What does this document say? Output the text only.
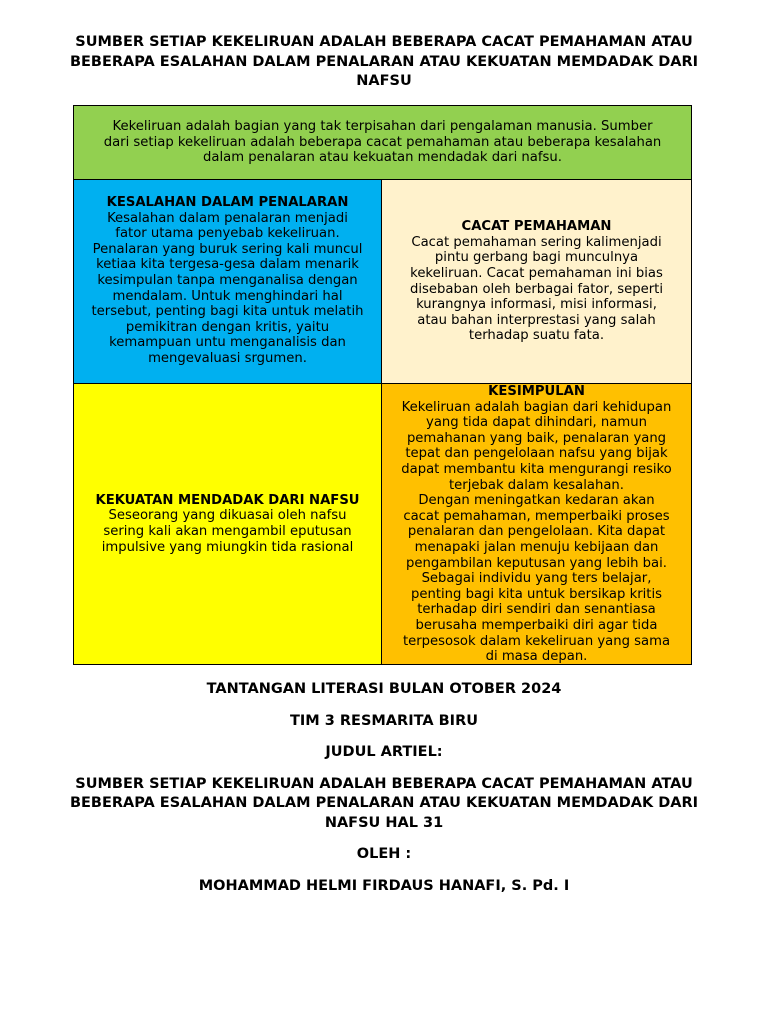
SUMBER SETIAP KEKELIRUAN ADALAH BEBERAPA CACAT PEMAHAMAN ATAU
BEBERAPA ESALAHAN DALAM PENALARAN ATAU KEKUATAN MEMDADAK DARI
NAFSU
Kekeliruan adalah bagian yang tak terpisahan dari pengalaman manusia. Sumber
dari setiap kekeliruan adalah beberapa cacat pemahaman atau beberapa kesalahan
dalam penalaran atau kekuatan mendadak dari nafsu.
KESALAHAN DALAM PENALARAN
Kesalahan dalam penalaran menjadi
fator utama penyebab kekeliruan.
Penalaran yang buruk sering kali muncul
ketiaa kita tergesa-gesa dalam menarik
kesimpulan tanpa menganalisa dengan
mendalam. Untuk menghindari hal
tersebut, penting bagi kita untuk melatih
pemikitran dengan kritis, yaitu
kemampuan untu menganalisis dan
mengevaluasi srgumen.
CACAT PEMAHAMAN
Cacat pemahaman sering kalimenjadi
pintu gerbang bagi munculnya
kekeliruan. Cacat pemahaman ini bias
disebaban oleh berbagai fator, seperti
kurangnya informasi, misi informasi,
atau bahan interprestasi yang salah
terhadap suatu fata.
KEKUATAN MENDADAK DARI NAFSU
Seseorang yang dikuasai oleh nafsu
sering kali akan mengambil eputusan
impulsive yang miungkin tida rasional
KESIMPULAN
Kekeliruan adalah bagian dari kehidupan
yang tida dapat dihindari, namun
pemahanan yang baik, penalaran yang
tepat dan pengelolaan nafsu yang bijak
dapat membantu kita mengurangi resiko
terjebak dalam kesalahan.
Dengan meningatkan kedaran akan
cacat pemahaman, memperbaiki proses
penalaran dan pengelolaan. Kita dapat
menapaki jalan menuju kebijaan dan
pengambilan keputusan yang lebih bai.
Sebagai individu yang ters belajar,
penting bagi kita untuk bersikap kritis
terhadap diri sendiri dan senantiasa
berusaha memperbaiki diri agar tida
terpesosok dalam kekeliruan yang sama
di masa depan.

TANTANGAN LITERASI BULAN OTOBER 2024

TIM 3 RESMARITA BIRU

JUDUL ARTIEL:

SUMBER SETIAP KEKELIRUAN ADALAH BEBERAPA CACAT PEMAHAMAN ATAU
BEBERAPA ESALAHAN DALAM PENALARAN ATAU KEKUATAN MEMDADAK DARI
NAFSU HAL 31

OLEH :

MOHAMMAD HELMI FIRDAUS HANAFI, S. Pd. I
